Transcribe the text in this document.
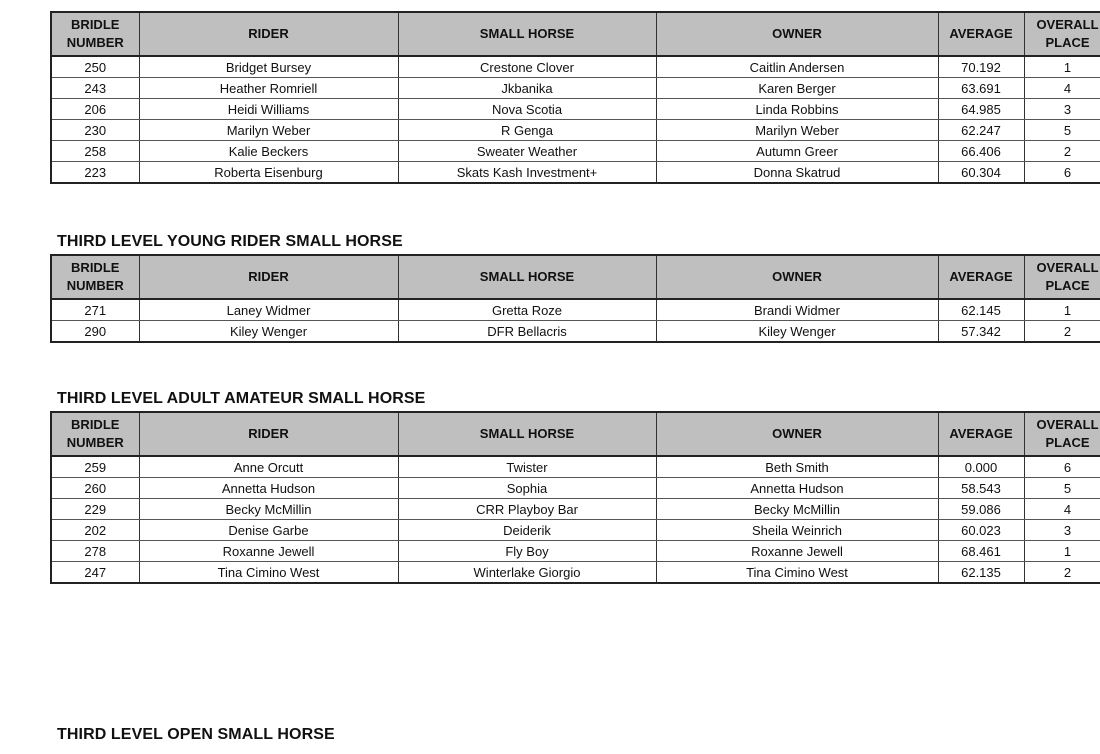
BRIDLE
NUMBER	RIDER	SMALL HORSE	OWNER	AVERAGE	OVERALL
PLACE
250	Bridget Bursey	Crestone Clover	Caitlin Andersen	70.192	1
243	Heather Romriell	Jkbanika	Karen Berger	63.691	4
206	Heidi Williams	Nova Scotia	Linda Robbins	64.985	3
230	Marilyn Weber	R Genga	Marilyn Weber	62.247	5
258	Kalie Beckers	Sweater Weather	Autumn Greer	66.406	2
223	Roberta Eisenburg	Skats Kash Investment+	Donna Skatrud	60.304	6
THIRD LEVEL YOUNG RIDER SMALL HORSE
BRIDLE
NUMBER	RIDER	SMALL HORSE	OWNER	AVERAGE	OVERALL
PLACE
271	Laney Widmer	Gretta Roze	Brandi Widmer	62.145	1
290	Kiley Wenger	DFR Bellacris	Kiley Wenger	57.342	2
THIRD LEVEL ADULT AMATEUR SMALL HORSE
BRIDLE
NUMBER	RIDER	SMALL HORSE	OWNER	AVERAGE	OVERALL
PLACE
259	Anne Orcutt	Twister	Beth Smith	0.000	6
260	Annetta Hudson	Sophia	Annetta Hudson	58.543	5
229	Becky McMillin	CRR Playboy Bar	Becky McMillin	59.086	4
202	Denise Garbe	Deiderik	Sheila Weinrich	60.023	3
278	Roxanne Jewell	Fly Boy	Roxanne Jewell	68.461	1
247	Tina Cimino West	Winterlake Giorgio	Tina Cimino West	62.135	2
THIRD LEVEL OPEN SMALL HORSE
